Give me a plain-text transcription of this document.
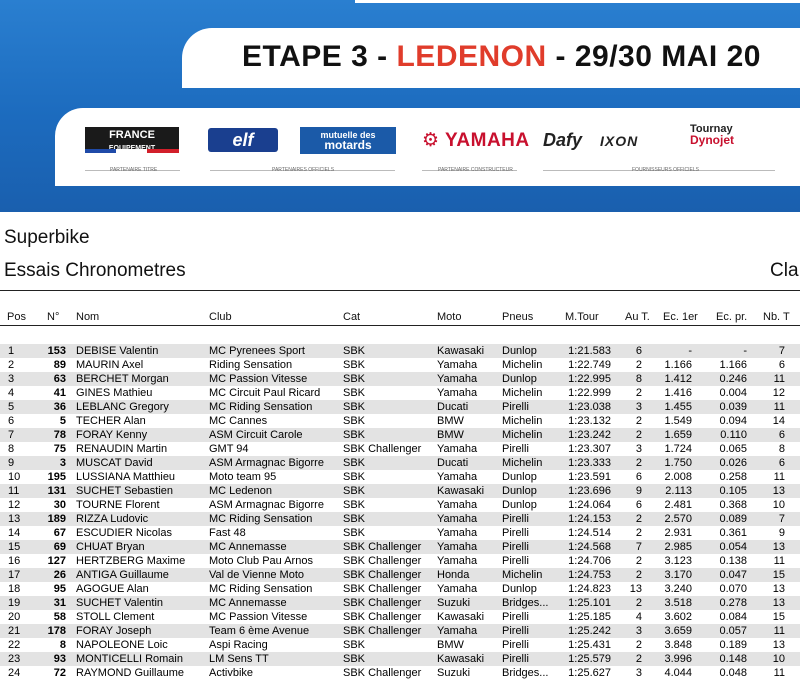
ETAPE 3 - LEDENON - 29/30 MAI 20
FRANCE	elf	mutuelle des
motards	⚙ YAMAHA Dafy IXON
Tournay
Dynojet
PARTENAIRE TITRE	PARTENAIRES OFFICIELS	PARTENAIRE CONSTRUCTEUR	FOURNISSEURS OFFICIELS
Superbike
Essais Chronometres	Cla
Pos N° Nom	Club	Cat	Moto	Pneus	M.Tour Au T. Ec. 1er Ec. pr. Nb. T
1	153 DEBISE Valentin	MC Pyrenees Sport	SBK	Kawasaki	Dunlop	1:21.583	6	-	-	7
2	89 MAURIN Axel	Riding Sensation	SBK	Yamaha	Michelin	1:22.749	2	1.166	1.166	6
3	63 BERCHET Morgan	MC Passion Vitesse	SBK	Yamaha	Dunlop	1:22.995	8	1.412	0.246	11
4	41 GINES Mathieu	MC Circuit Paul Ricard	SBK	Yamaha	Michelin	1:22.999	2	1.416	0.004	12
5	36 LEBLANC Gregory	MC Riding Sensation	SBK	Ducati	Pirelli	1:23.038	3	1.455	0.039	11
6	5 TECHER Alan	MC Cannes	SBK	BMW	Michelin	1:23.132	2	1.549	0.094	14
7	78 FORAY Kenny	ASM Circuit Carole	SBK	BMW	Michelin	1:23.242	2	1.659	0.110	6
8	75 RENAUDIN Martin	GMT 94	SBK Challenger	Yamaha	Pirelli	1:23.307	3	1.724	0.065	8
9	3 MUSCAT David	ASM Armagnac Bigorre	SBK	Ducati	Michelin	1:23.333	2	1.750	0.026	6
10	195 LUSSIANA Matthieu	Moto team 95	SBK	Yamaha	Dunlop	1:23.591	6	2.008	0.258	11
11	131 SUCHET Sebastien	MC Ledenon	SBK	Kawasaki	Dunlop	1:23.696	9	2.113	0.105	13
12	30 TOURNE Florent	ASM Armagnac Bigorre	SBK	Yamaha	Dunlop	1:24.064	6	2.481	0.368	10
13	189 RIZZA Ludovic	MC Riding Sensation	SBK	Yamaha	Pirelli	1:24.153	2	2.570	0.089	7
14	67 ESCUDIER Nicolas	Fast 48	SBK	Yamaha	Pirelli	1:24.514	2	2.931	0.361	9
15	69 CHUAT Bryan	MC Annemasse	SBK Challenger	Yamaha	Pirelli	1:24.568	7	2.985	0.054	13
16	127 HERTZBERG Maxime	Moto Club Pau Arnos	SBK Challenger	Yamaha	Pirelli	1:24.706	2	3.123	0.138	11
17	26 ANTIGA Guillaume	Val de Vienne Moto	SBK Challenger	Honda	Michelin	1:24.753	2	3.170	0.047	15
18	95 AGOGUE Alan	MC Riding Sensation	SBK Challenger	Yamaha	Dunlop	1:24.823	13	3.240	0.070	13
19	31 SUCHET Valentin	MC Annemasse	SBK Challenger	Suzuki	Bridges...	1:25.101	2	3.518	0.278	13
20	58 STOLL Clement	MC Passion Vitesse	SBK Challenger	Kawasaki	Pirelli	1:25.185	4	3.602	0.084	15
21	178 FORAY Joseph	Team 6 ème Avenue	SBK Challenger	Yamaha	Pirelli	1:25.242	3	3.659	0.057	11
22	8 NAPOLEONE Loic	Aspi Racing	SBK	BMW	Pirelli	1:25.431	2	3.848	0.189	13
23	93 MONTICELLI Romain	LM Sens TT	SBK	Kawasaki	Pirelli	1:25.579	2	3.996	0.148	10
24	72 RAYMOND Guillaume	Activbike	SBK Challenger	Suzuki	Bridges...	1:25.627	3	4.044	0.048	11
